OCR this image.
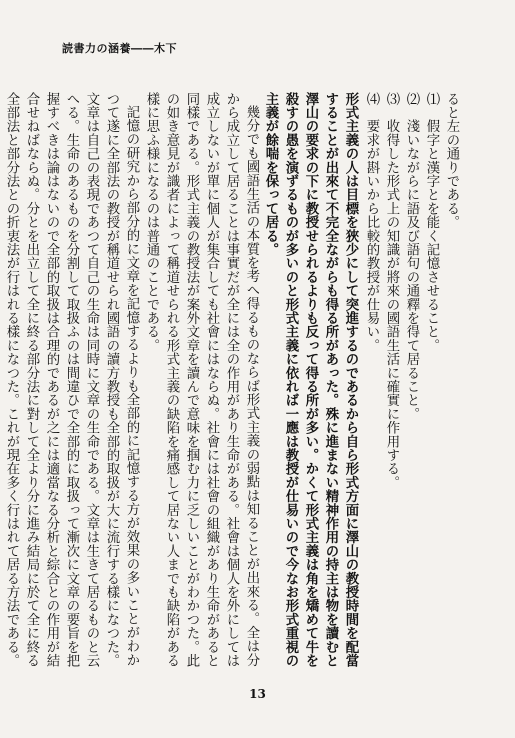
読書力の涵養――木下

ると左の通りである。

⑴　假字と漢字とを能く記憶させること。

⑵　淺いながらに語及び語句の通釋を得て居ること。

⑶　收得した形式上の知識が將來の國語生活に確實に作用する。

⑷　要求が斟いから比較的教授が仕易い。

形式主義の人は目標を狹少にして突進するのであるから自ら形式方面に澤山の教授時間を配當することが出來て不完全ながらも得る所があった。殊に進まない精神作用の持主は物を讀むと澤山の要求の下に教授せられるよりも反って得る所が多い。かくて形式主義は角を矯めて牛を殺すの愚を演ずるものが多いのと形式主義に依れば一應は教授が仕易いので今なお形式重視の主義が餘喘を保って居る。

幾分でも國語生活の本質を考へ得るものならば形式主義の弱點は知ることが出來る。全は分から成立して居ることは事實だが全には全の作用があり生命がある。社會は個人を外にしては成立しないが單に個人が集合しても社會にはならぬ。社會には社會の組織があり生命があると同樣である。形式主義の教授法が案外文章を讀んで意味を掴む力に乏しいことがわかつた。此の如き意見が識者によって稱道せられる形式主義の缺陷を痛感して居ない人までも缺陷がある樣に思ふ様になるのは普通のことである。

記憶の研究から部分的に文章を記憶するよりも全部的に記憶する方が效果の多いことがわかつて遂に全部法の教授が稱道せられ國語の讀方教授も全部的取扱が大に流行する樣になつた。文章は自己の表現であつて自己の生命は同時に文章の生命である。文章は生きて居るものと云へる。生命のあるものを分割して取扱ふのは間違ひで全部的に取扱って漸次に文章の要旨を把握すべきは論はないので全部的取扱は合理的であるが之には適當なる分析と綜合との作用が結合せねばならぬ。分とを出立して全に終る部分法に對して全より分に進み結局に於て全に終る全部法と部分法との折衷法が行はれる樣になつた。これが現在多く行はれて居る方法である。

13
